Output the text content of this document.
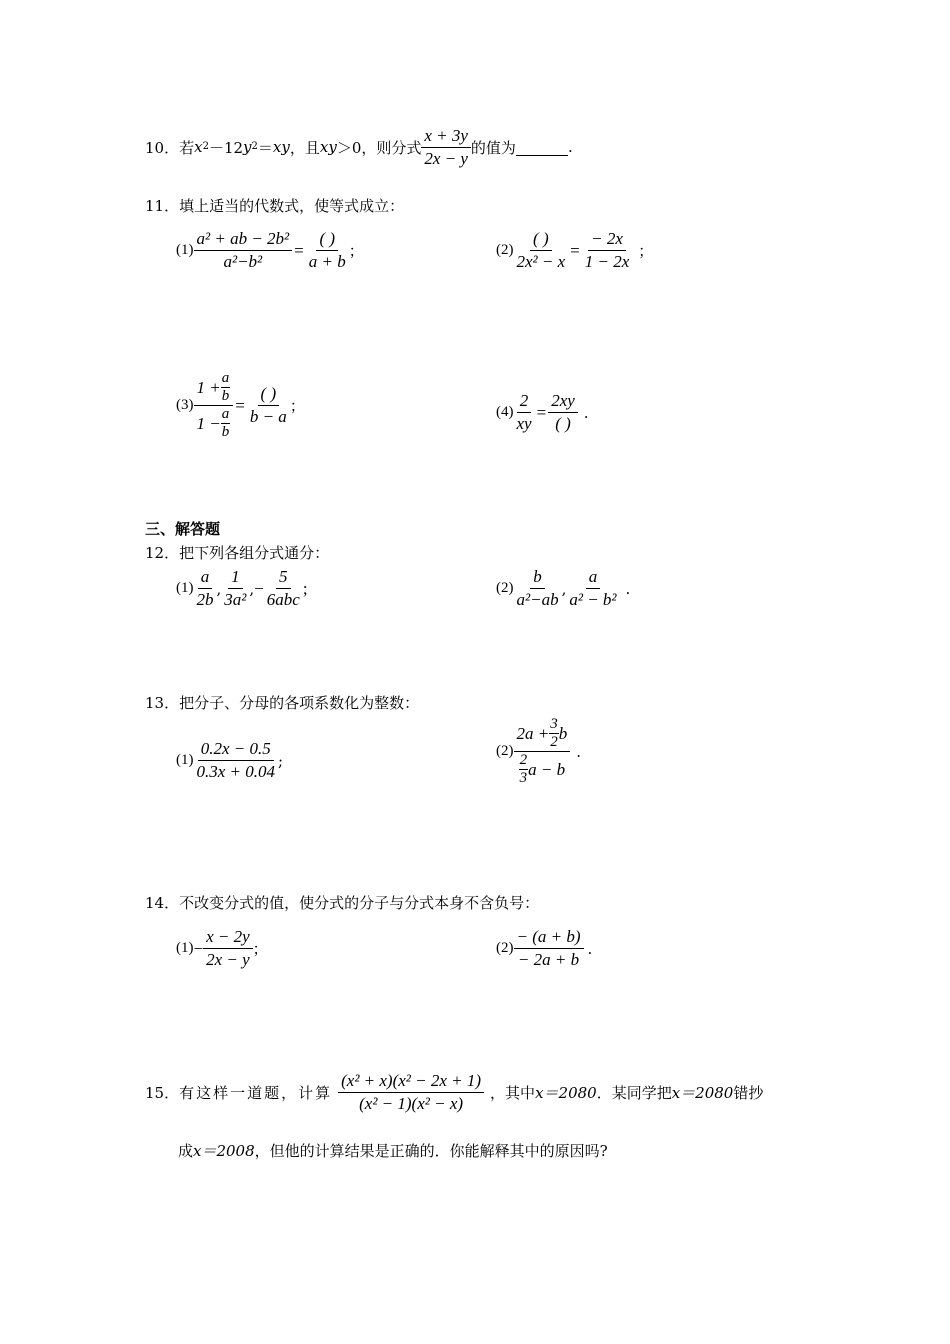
10． 若 x 2 －12 y 2 ＝ xy ，且 xy ＞0，则分式 $\frac{x + 3y}{2x - y}$ 的值为	.
11．填上适当的代数式，使等式成立：
$(1) \frac{\text{a² + ab − 2b²}}{\text{a²−b²}} = \frac{( )}{a + b}$ ；	$(2) \frac{( )}{\text{2x² − x}} = \frac{- 2x}{1 - 2x}$ ；
$(3) \frac{1 + \frac{a}{b}}{1 - \frac{a}{b}} = \frac{( )}{b - a}$ ；	$(4) \frac{2}{xy} = \frac{2xy}{( )}$ .
三、解答题
12．把下列各组分式通分：
$(1) \frac{a}{2b}$ , $\frac{1}{\text{3a²}}$ , − $\frac{5}{\text{6abc}}$ ;	$(2) \frac{b}{\text{a²−ab}}$ , $\frac{a}{\text{a² − b²}}$ .
13．把分子、分母的各项系数化为整数：
$(1) \frac{0.2x - 0.5}{0.3x + 0.04}$ ;
$(2) \frac{2a + \frac{3}{2} b}{\frac{2}{3} a - b}$ .
14．不改变分式的值，使分式的分子与分式本身不含负号：
$(1) - \frac{x - 2y}{2x - y}$ ；	$(2) \frac{- (a + b)}{- 2a + b}$ .
15． 有这样一道题，计算 $\frac{\text{(x² + x)(x² − 2x + 1)}}{\text{(x² − 1)(x² − x)}}$ ，其中 x＝2080 ．某同学把 x＝2080 错抄
成x＝2008，但他的计算结果是正确的．你能解释其中的原因吗?
